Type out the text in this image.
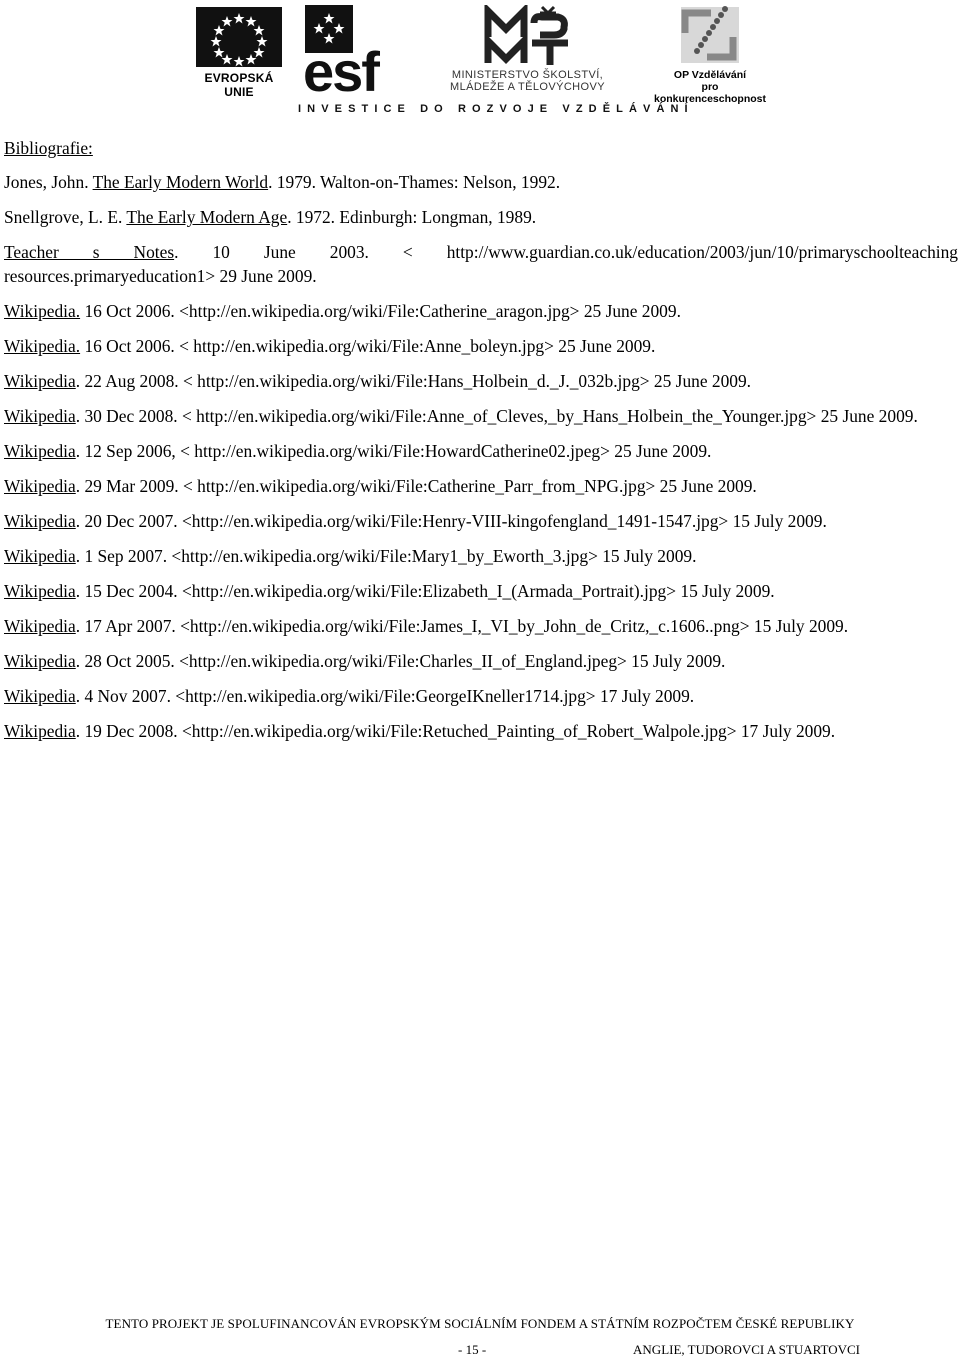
EVROPSKÁ UNIE esf	MINISTERSTVO ŠKOLSTVÍ,
MLÁDEŽE A TĚLOVÝCHOVY
OP Vzdělávání
pro konkurenceschopnost
INVESTICE DO ROZVOJE VZDĚLÁVÁNÍ
Bibliografie:
Jones, John. The Early Modern World. 1979. Walton-on-Thames: Nelson, 1992.
Snellgrove, L. E. The Early Modern Age. 1972. Edinburgh: Longman, 1989.
Teacher s Notes. 10 June 2003. < http://www.guardian.co.uk/education/2003/jun/10/primaryschoolteaching resources.primaryeducation1> 29 June 2009.
Wikipedia. 16 Oct 2006. <http://en.wikipedia.org/wiki/File:Catherine_aragon.jpg> 25 June 2009.
Wikipedia. 16 Oct 2006. < http://en.wikipedia.org/wiki/File:Anne_boleyn.jpg> 25 June 2009.
Wikipedia. 22 Aug 2008. < http://en.wikipedia.org/wiki/File:Hans_Holbein_d._J._032b.jpg> 25 June 2009.
Wikipedia. 30 Dec 2008. < http://en.wikipedia.org/wiki/File:Anne_of_Cleves,_by_Hans_Holbein_the_Younger.jpg> 25 June 2009.
Wikipedia. 12 Sep 2006, < http://en.wikipedia.org/wiki/File:HowardCatherine02.jpeg> 25 June 2009.
Wikipedia. 29 Mar 2009. < http://en.wikipedia.org/wiki/File:Catherine_Parr_from_NPG.jpg> 25 June 2009.
Wikipedia. 20 Dec 2007. <http://en.wikipedia.org/wiki/File:Henry-VIII-kingofengland_1491-1547.jpg> 15 July 2009.
Wikipedia. 1 Sep 2007. <http://en.wikipedia.org/wiki/File:Mary1_by_Eworth_3.jpg> 15 July 2009.
Wikipedia. 15 Dec 2004. <http://en.wikipedia.org/wiki/File:Elizabeth_I_(Armada_Portrait).jpg> 15 July 2009.
Wikipedia. 17 Apr 2007. <http://en.wikipedia.org/wiki/File:James_I,_VI_by_John_de_Critz,_c.1606..png> 15 July 2009.
Wikipedia. 28 Oct 2005. <http://en.wikipedia.org/wiki/File:Charles_II_of_England.jpeg> 15 July 2009.
Wikipedia. 4 Nov 2007. <http://en.wikipedia.org/wiki/File:GeorgeIKneller1714.jpg> 17 July 2009.
Wikipedia. 19 Dec 2008. <http://en.wikipedia.org/wiki/File:Retuched_Painting_of_Robert_Walpole.jpg> 17 July 2009.
TENTO PROJEKT JE SPOLUFINANCOVÁN EVROPSKÝM SOCIÁLNÍM FONDEM A STÁTNÍM ROZPOČTEM ČESKÉ REPUBLIKY
- 15 -	ANGLIE, TUDOROVCI A STUARTOVCI
